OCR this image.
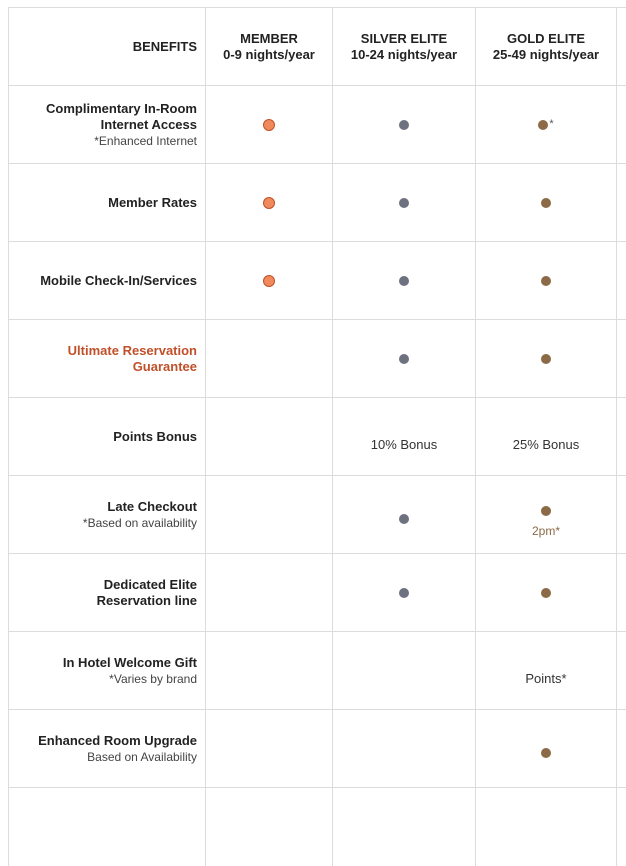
BENEFITS
MEMBER
0-9 nights/year
SILVER ELITE
10-24 nights/year
GOLD ELITE
25-49 nights/year
Complimentary In-Room Internet Access
*Enhanced Internet
*
Member Rates
Mobile Check-In/Services
Ultimate Reservation Guarantee
Points Bonus
10% Bonus	25% Bonus
Late Checkout
*Based on availability
2pm*
Dedicated Elite Reservation line
In Hotel Welcome Gift
*Varies by brand	Points*
Enhanced Room Upgrade
Based on Availability
